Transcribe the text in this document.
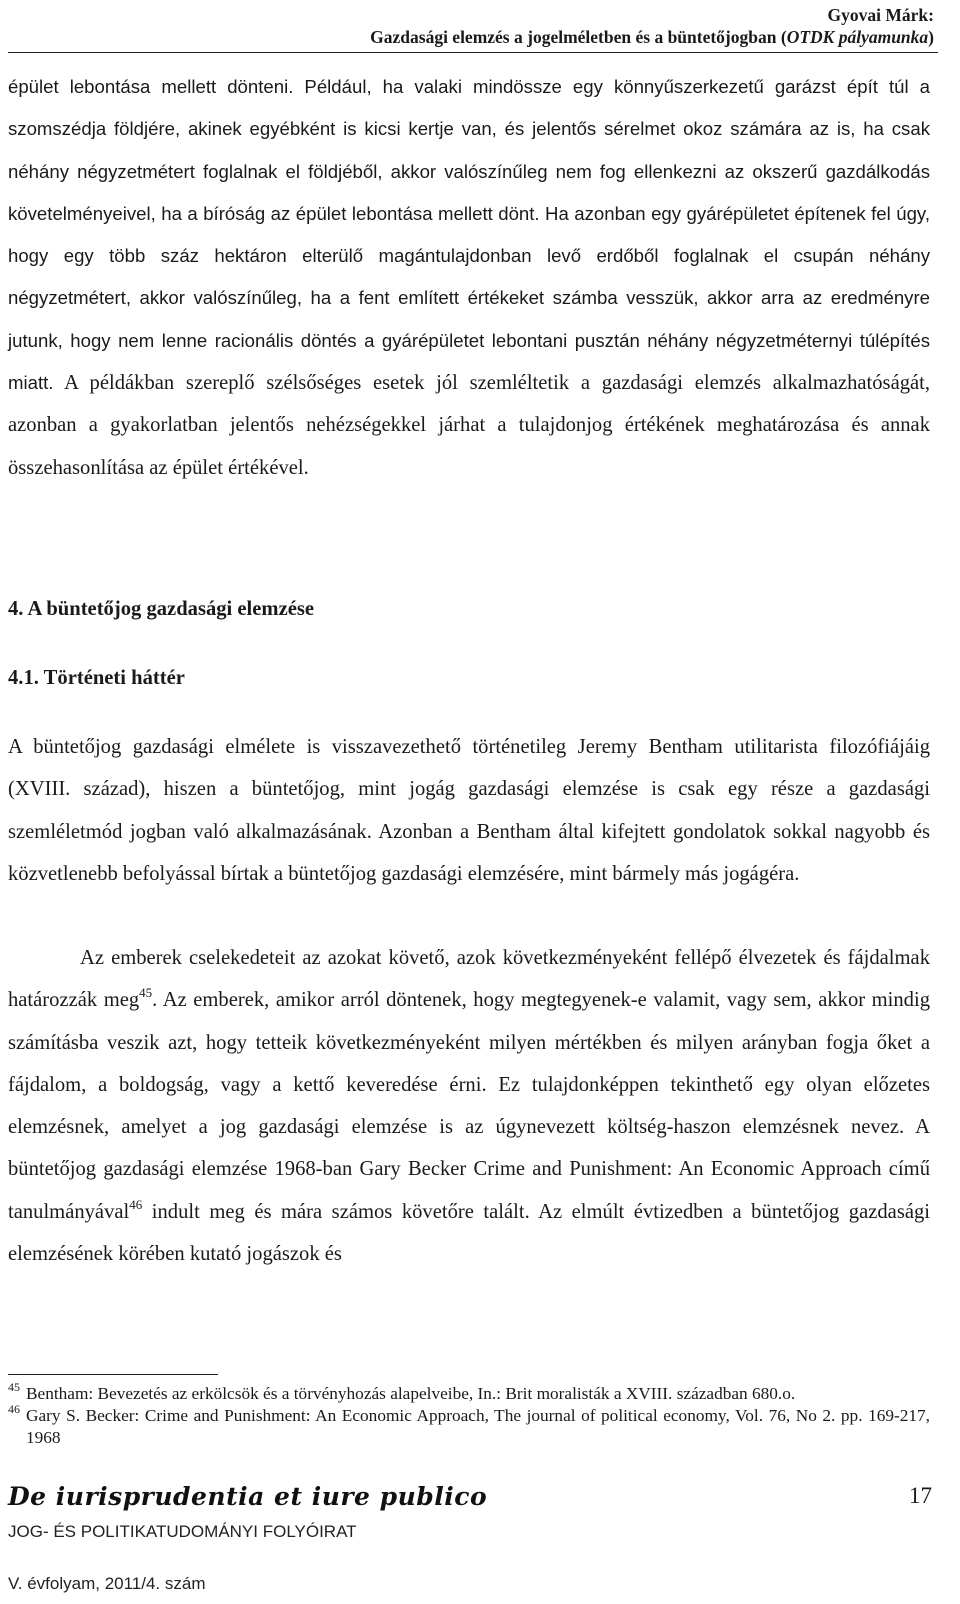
Gyovai Márk:
Gazdasági elemzés a jogelméletben és a büntetőjogban (OTDK pályamunka)

épület lebontása mellett dönteni. Például, ha valaki mindössze egy könnyűszerkezetű garázst épít túl a szomszédja földjére, akinek egyébként is kicsi kertje van, és jelentős sérelmet okoz számára az is, ha csak néhány négyzetmétert foglalnak el földjéből, akkor valószínűleg nem fog ellenkezni az okszerű gazdálkodás követelményeivel, ha a bíróság az épület lebontása mellett dönt. Ha azonban egy gyárépületet építenek fel úgy, hogy egy több száz hektáron elterülő magántulajdonban levő erdőből foglalnak el csupán néhány négyzetmétert, akkor valószínűleg, ha a fent említett értékeket számba vesszük, akkor arra az eredményre jutunk, hogy nem lenne racionális döntés a gyárépületet lebontani pusztán néhány négyzetméternyi túlépítés miatt. A példákban szereplő szélsőséges esetek jól szemléltetik a gazdasági elemzés alkalmazhatóságát, azonban a gyakorlatban jelentős nehézségekkel járhat a tulajdonjog értékének meghatározása és annak összehasonlítása az épület értékével.

4. A büntetőjog gazdasági elemzése
4.1. Történeti háttér

A büntetőjog gazdasági elmélete is visszavezethető történetileg Jeremy Bentham utilitarista filozófiájáig (XVIII. század), hiszen a büntetőjog, mint jogág gazdasági elemzése is csak egy része a gazdasági szemléletmód jogban való alkalmazásának. Azonban a Bentham által kifejtett gondolatok sokkal nagyobb és közvetlenebb befolyással bírtak a büntetőjog gazdasági elemzésére, mint bármely más jogágéra.

Az emberek cselekedeteit az azokat követő, azok következményeként fellépő élvezetek és fájdalmak határozzák meg$^{45}$. Az emberek, amikor arról döntenek, hogy megtegyenek-e valamit, vagy sem, akkor mindig számításba veszik azt, hogy tetteik következményeként milyen mértékben és milyen arányban fogja őket a fájdalom, a boldogság, vagy a kettő keveredése érni. Ez tulajdonképpen tekinthető egy olyan előzetes elemzésnek, amelyet a jog gazdasági elemzése is az úgynevezett költség-haszon elemzésnek nevez. A büntetőjog gazdasági elemzése 1968-ban Gary Becker Crime and Punishment: An Economic Approach című tanulmányával$^{46}$ indult meg és mára számos követőre talált. Az elmúlt évtizedben a büntetőjog gazdasági elemzésének körében kutató jogászok és

45 Bentham: Bevezetés az erkölcsök és a törvényhozás alapelveibe, In.: Brit moralisták a XVIII. században 680.o.

46 Gary S. Becker: Crime and Punishment: An Economic Approach, The journal of political economy, Vol. 76, No 2. pp. 169-217, 1968

De iurisprudentia et iure publico
JOG- ÉS POLITIKATUDOMÁNYI FOLYÓIRAT
V. évfolyam, 2011/4. szám
17
